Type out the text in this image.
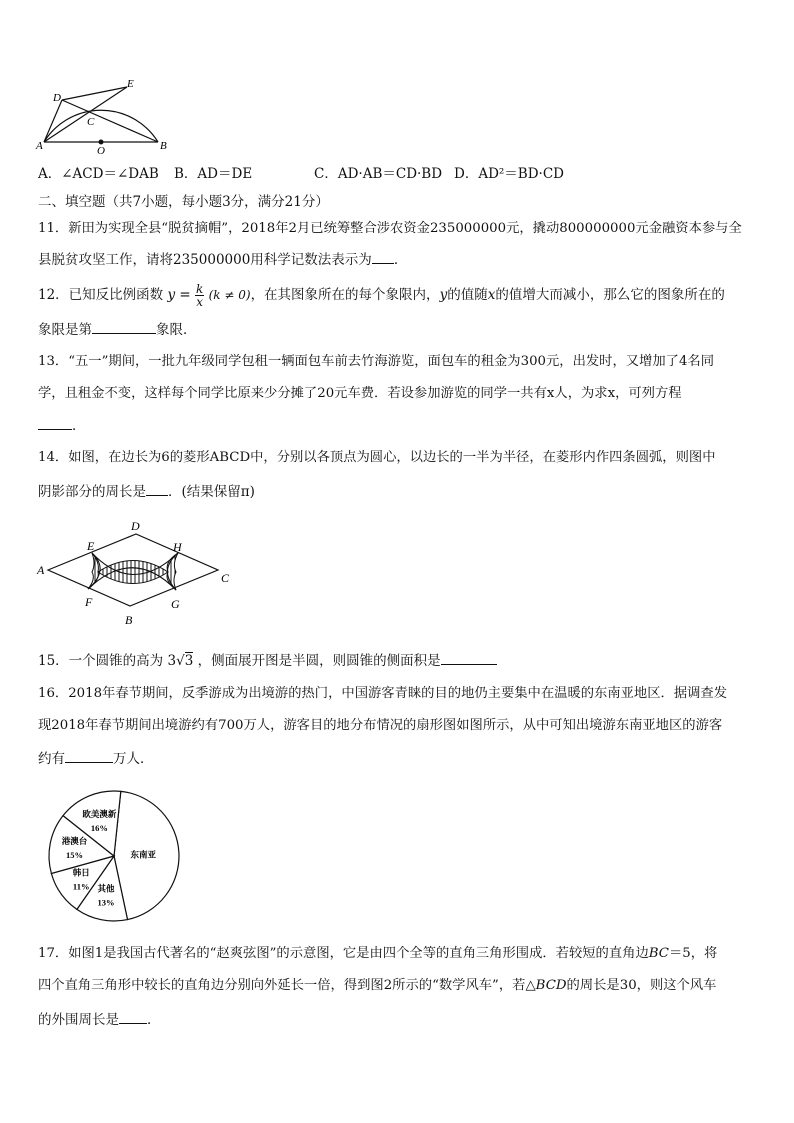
D
E
C
A	O	B
A．∠ACD＝∠DAB B．AD＝DE	C．AD·AB＝CD·BD D．AD²＝BD·CD
二、填空题（共7小题，每小题3分，满分21分）
11．新田为实现全县“脱贫摘帽”，2018年2月已统筹整合涉农资金235000000元，撬动800000000元金融资本参与全
县脱贫攻坚工作，请将235000000用科学记数法表示为 ．
12．已知反比例函数 $y = \frac{k}{x} (k \ne 0)$，在其图象所在的每个象限内，y的值随x的值增大而减小，那么它的图象所在的
象限是第	象限．
13．“五一”期间，一批九年级同学包租一辆面包车前去竹海游览，面包车的租金为300元，出发时，又增加了4名同
学，且租金不变，这样每个同学比原来少分摊了20元车费．若设参加游览的同学一共有x人，为求x，可列方程
．
14．如图，在边长为6的菱形ABCD中，分别以各顶点为圆心，以边长的一半为半径，在菱形内作四条圆弧，则图中
阴影部分的周长是 ．(结果保留π)
A
D
C
B
E	H
F	G
15．一个圆锥的高为 3√3 ，侧面展开图是半圆，则圆锥的侧面积是
16．2018年春节期间，反季游成为出境游的热门，中国游客青睐的目的地仍主要集中在温暖的东南亚地区．据调查发
现2018年春节期间出境游约有700万人，游客目的地分布情况的扇形图如图所示，从中可知出境游东南亚地区的游客
约有	万人．
东南亚
其他
13%
韩日
11%
港澳台
15%
欧美澳新
16%
17．如图1是我国古代著名的“赵爽弦图”的示意图，它是由四个全等的直角三角形围成．若较短的直角边BC＝5，将
四个直角三角形中较长的直角边分别向外延长一倍，得到图2所示的“数学风车”，若△BCD的周长是30，则这个风车
的外围周长是 ．
